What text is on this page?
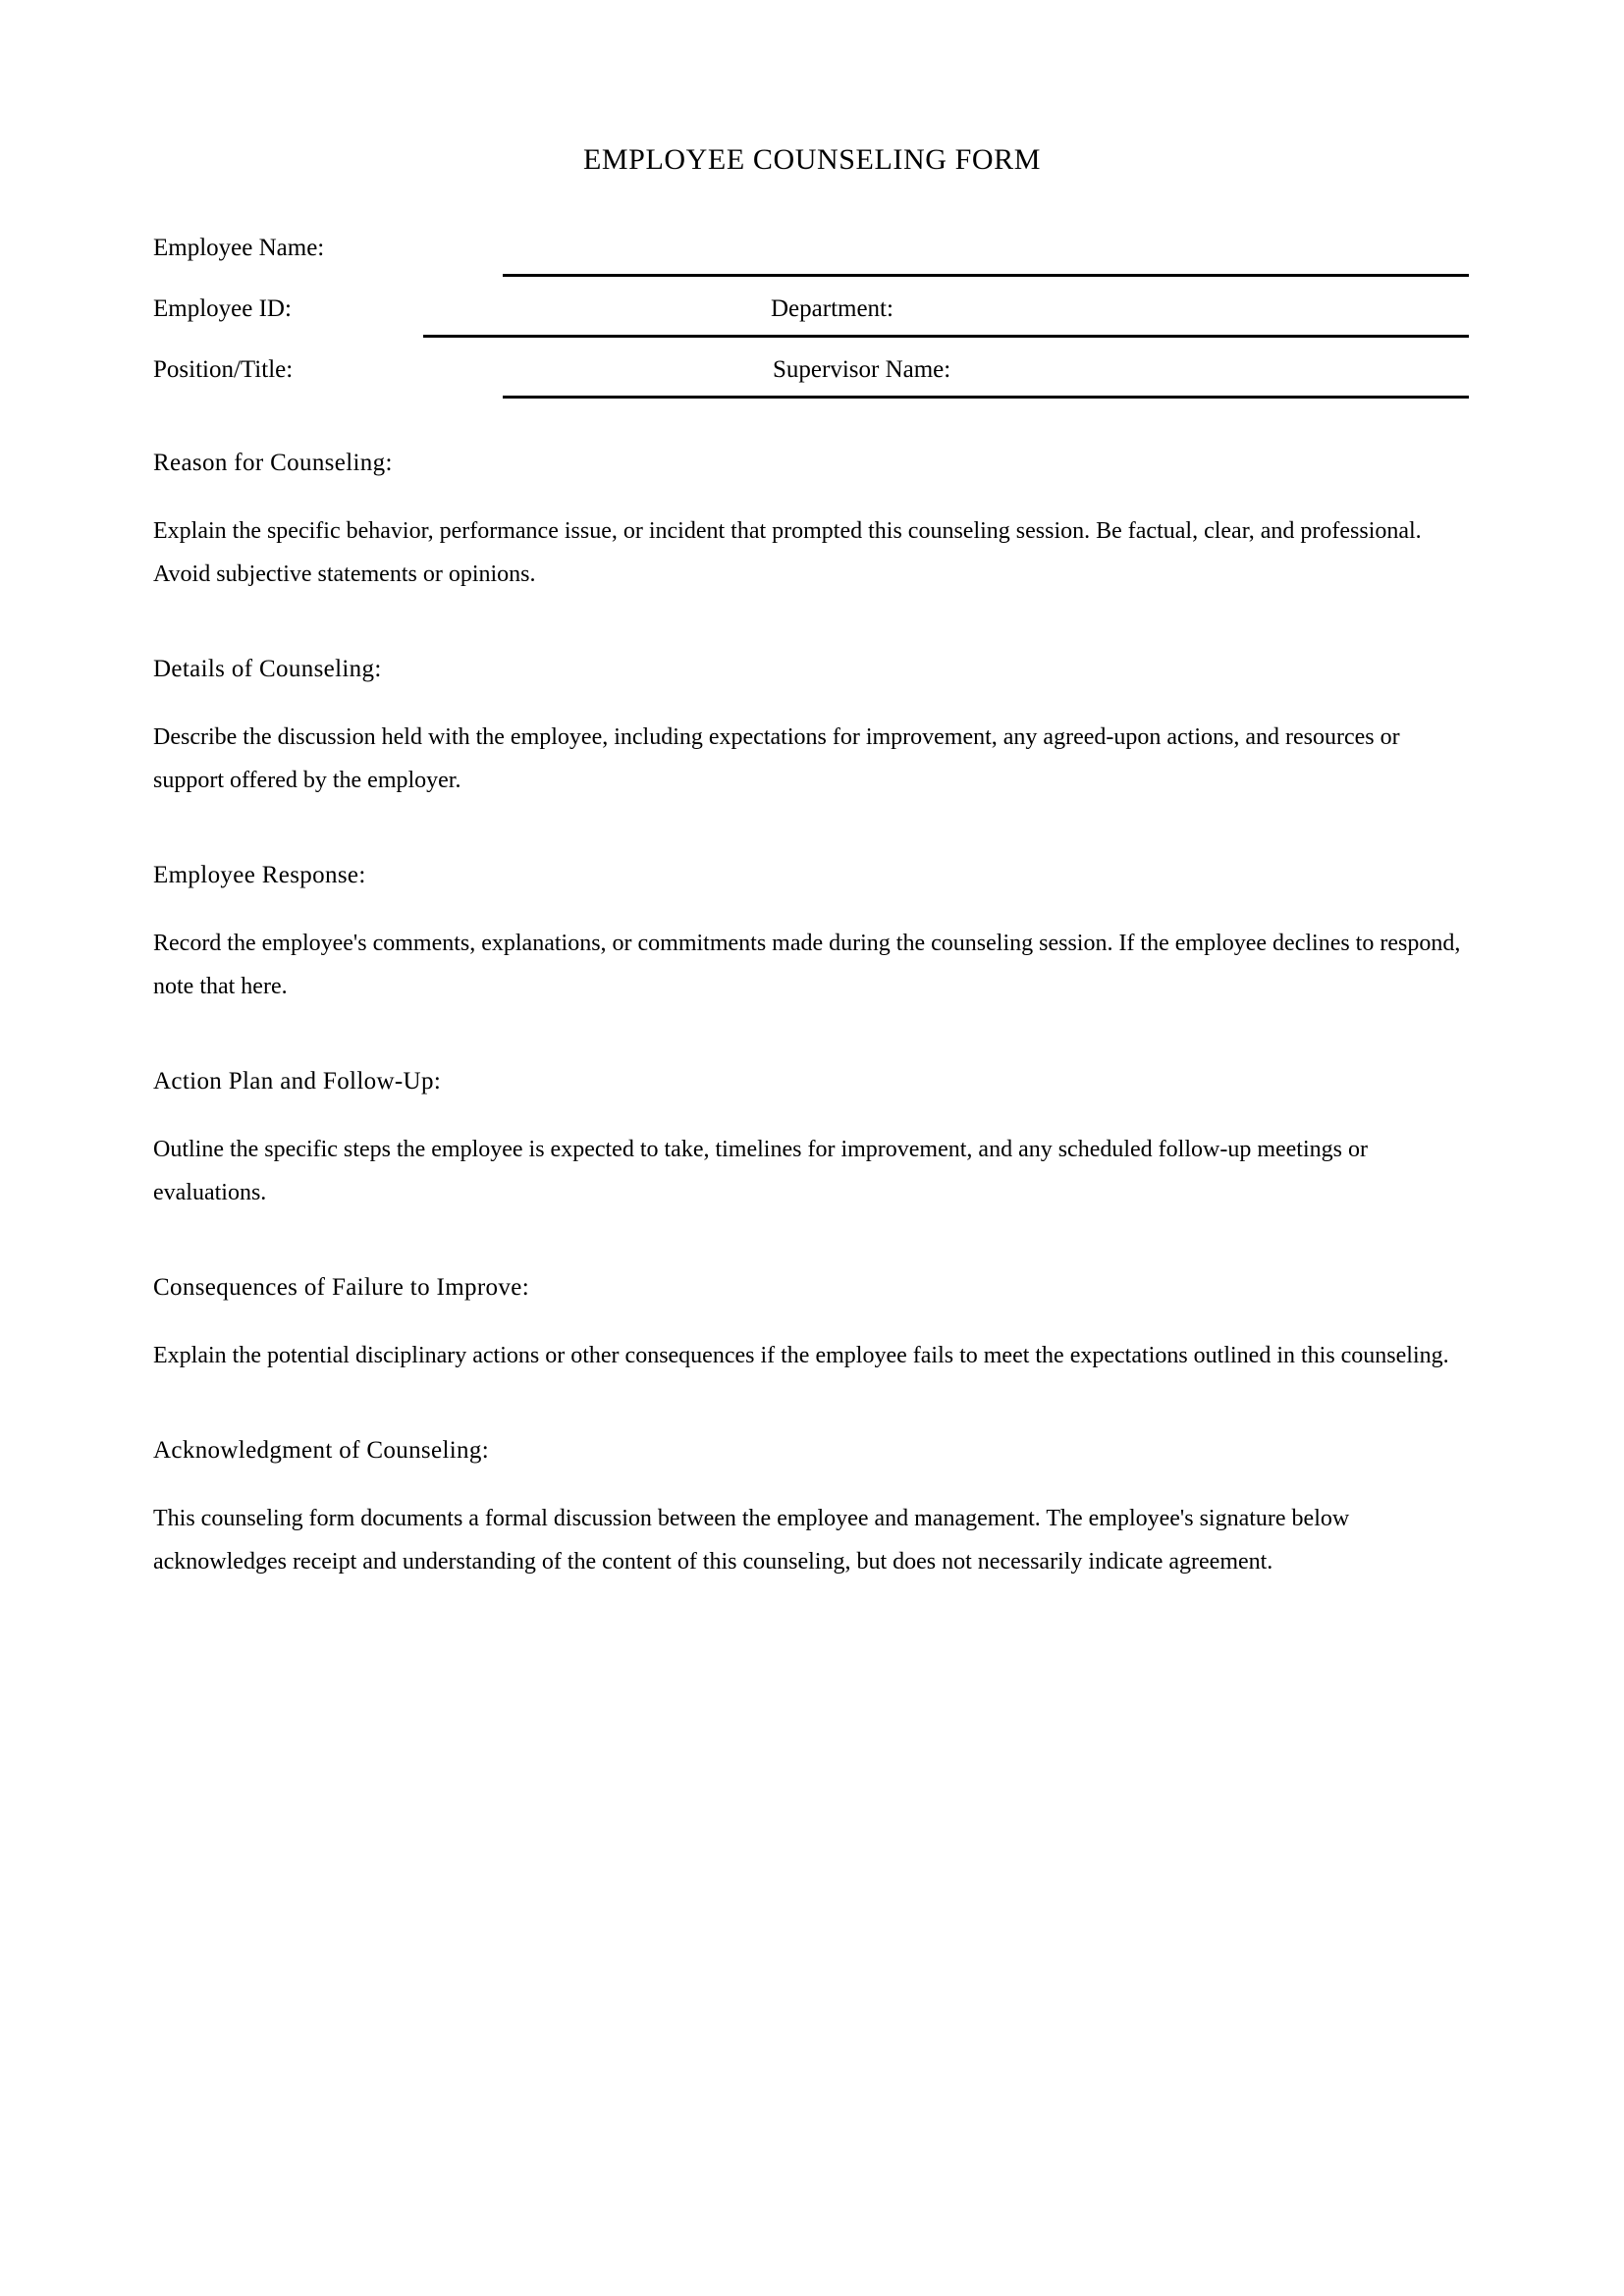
EMPLOYEE COUNSELING FORM
Employee Name:
Employee ID:	Department:
Position/Title:	Supervisor Name:
Reason for Counseling:

Explain the specific behavior, performance issue, or incident that prompted this counseling session. Be factual, clear, and professional. Avoid subjective statements or opinions.

Details of Counseling:

Describe the discussion held with the employee, including expectations for improvement, any agreed-upon actions, and resources or support offered by the employer.

Employee Response:

Record the employee's comments, explanations, or commitments made during the counseling session. If the employee declines to respond, note that here.

Action Plan and Follow-Up:

Outline the specific steps the employee is expected to take, timelines for improvement, and any scheduled follow-up meetings or evaluations.

Consequences of Failure to Improve:

Explain the potential disciplinary actions or other consequences if the employee fails to meet the expectations outlined in this counseling.

Acknowledgment of Counseling:

This counseling form documents a formal discussion between the employee and management. The employee's signature below acknowledges receipt and understanding of the content of this counseling, but does not necessarily indicate agreement.
